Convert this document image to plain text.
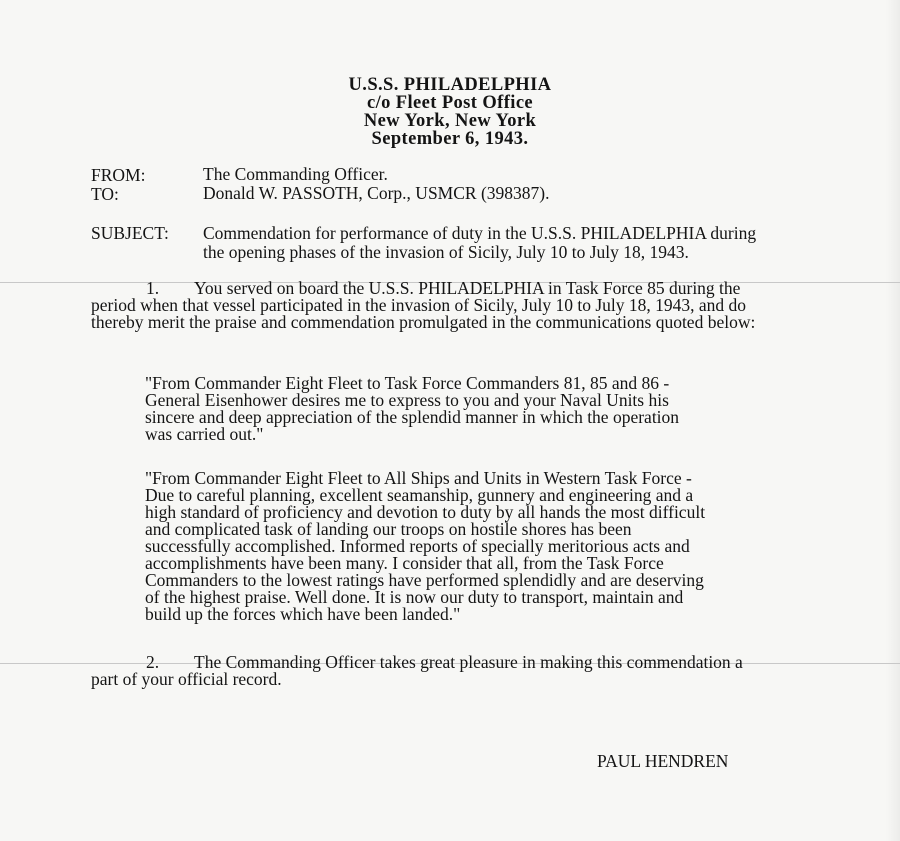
U.S.S. PHILADELPHIA
c/o Fleet Post Office
New York, New York
September 6, 1943.
FROM:	The Commanding Officer.
TO:	Donald W. PASSOTH, Corp., USMCR (398387).
SUBJECT: Commendation for performance of duty in the U.S.S. PHILADELPHIA during
the opening phases of the invasion of Sicily, July 10 to July 18, 1943.
1. You served on board the U.S.S. PHILADELPHIA in Task Force 85 during the
period when that vessel participated in the invasion of Sicily, July 10 to July 18, 1943, and do
thereby merit the praise and commendation promulgated in the communications quoted below:
"From Commander Eight Fleet to Task Force Commanders 81, 85 and 86 -
General Eisenhower desires me to express to you and your Naval Units his
sincere and deep appreciation of the splendid manner in which the operation
was carried out."
"From Commander Eight Fleet to All Ships and Units in Western Task Force -
Due to careful planning, excellent seamanship, gunnery and engineering and a
high standard of proficiency and devotion to duty by all hands the most difficult
and complicated task of landing our troops on hostile shores has been
successfully accomplished. Informed reports of specially meritorious acts and
accomplishments have been many. I consider that all, from the Task Force
Commanders to the lowest ratings have performed splendidly and are deserving
of the highest praise. Well done. It is now our duty to transport, maintain and
build up the forces which have been landed."
2. The Commanding Officer takes great pleasure in making this commendation a
part of your official record.
PAUL HENDREN
